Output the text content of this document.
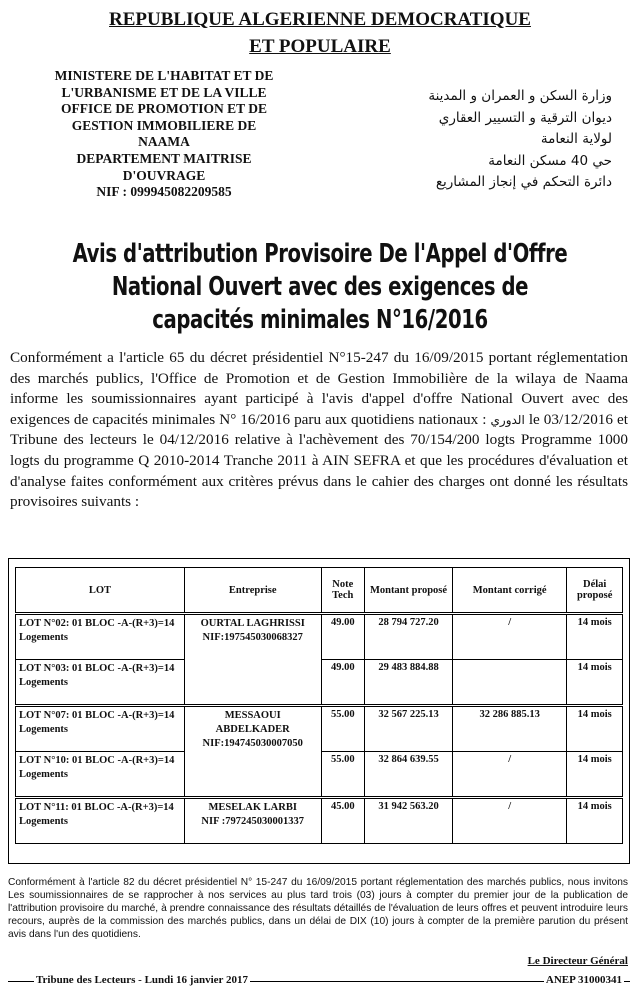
REPUBLIQUE ALGERIENNE DEMOCRATIQUE
ET POPULAIRE
MINISTERE DE L'HABITAT ET DE
L'URBANISME ET DE LA VILLE
OFFICE DE PROMOTION ET DE
GESTION IMMOBILIERE DE
NAAMA
DEPARTEMENT MAITRISE
D'OUVRAGE
NIF : 099945082209585
وزارة السكن و العمران و المدينة
ديوان الترقية و التسيير العقاري
لولاية النعامة
حي 40 مسكن النعامة
دائرة التحكم في إنجاز المشاريع
Avis d'attribution Provisoire De l'Appel d'Offre
National Ouvert avec des exigences de
capacités minimales N°16/2016
Conformément a l'article 65 du décret présidentiel N°15-247 du 16/09/2015 portant réglementation des marchés publics, l'Office de Promotion et de Gestion Immobilière de la wilaya de Naama informe les soumissionnaires ayant participé à l'avis d'appel d'offre National Ouvert avec des exigences de capacités minimales N° 16/2016 paru aux quotidiens nationaux : الدوري le 03/12/2016 et Tribune des lecteurs le 04/12/2016 relative à l'achèvement des 70/154/200 logts Programme 1000 logts du programme Q 2010-2014 Tranche 2011 à AIN SEFRA et que les procédures d'évaluation et d'analyse faites conformément aux critères prévus dans le cahier des charges ont donné les résultats provisoires suivants :
LOT	Entreprise	Note Tech	Montant proposé	Montant corrigé	Délai proposé
LOT N°02: 01 BLOC -A-(R+3)=14 Logements	OURTAL LAGHRISSI
NIF:197545030068327	49.00	28 794 727.20	/	14 mois
LOT N°03: 01 BLOC -A-(R+3)=14 Logements		49.00	29 483 884.88		14 mois
LOT N°07: 01 BLOC -A-(R+3)=14 Logements	MESSAOUI ABDELKADER
NIF:194745030007050	55.00	32 567 225.13	32 286 885.13	14 mois
LOT N°10: 01 BLOC -A-(R+3)=14 Logements		55.00	32 864 639.55	/	14 mois
LOT N°11: 01 BLOC -A-(R+3)=14 Logements	MESELAK LARBI
NIF :797245030001337	45.00	31 942 563.20	/	14 mois
Conformément à l'article 82 du décret présidentiel N° 15-247 du 16/09/2015 portant réglementation des marchés publics, nous invitons Les soumissionnaires de se rapprocher à nos services au plus tard trois (03) jours à compter du premier jour de la publication de l'attribution provisoire du marché, à prendre connaissance des résultats détaillés de l'évaluation de leurs offres et peuvent introduire leurs recours, auprès de la commission des marchés publics, dans un délai de DIX (10) jours à compter de la première parution du présent avis dans l'un des quotidiens.
Le Directeur Général
Tribune des Lecteurs - Lundi 16 janvier 2017	ANEP 31000341
